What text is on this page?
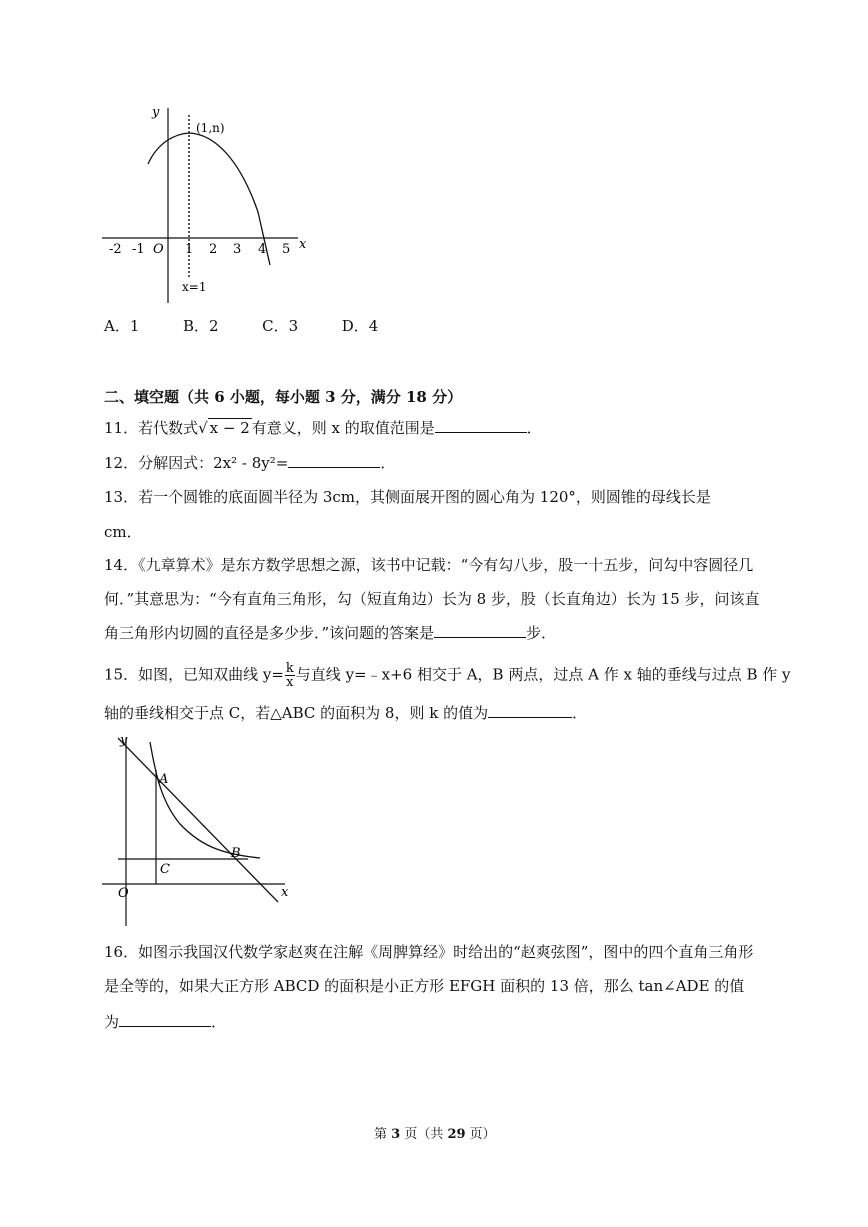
y
x
O
(1,n)
-2 -1	1 2 3 4 5
x=1
A．1	B．2	C．3	D．4
二、填空题（共 6 小题，每小题 3 分，满分 18 分）
11．若代数式√ x − 2 有意义，则 x 的取值范围是	．
12．分解因式：2x² - 8y²=	．
13．若一个圆锥的底面圆半径为 3cm，其侧面展开图的圆心角为 120°，则圆锥的母线长是
cm．
14．《九章算术》是东方数学思想之源，该书中记载：“今有勾八步，股一十五步，问勾中容圆径几
何．”其意思为：“今有直角三角形，勾（短直角边）长为 8 步，股（长直角边）长为 15 步，问该直
角三角形内切圆的直径是多少步．”该问题的答案是	步．
15．如图，已知双曲线 $y= \frac{k}{x}$ 与直线 y=﹣x+6 相交于 A，B 两点，过点 A 作 x 轴的垂线与过点 B 作 y
轴的垂线相交于点 C，若△ABC 的面积为 8，则 k 的值为	．
y
x
O
A
B
C
16．如图示我国汉代数学家赵爽在注解《周脾算经》时给出的“赵爽弦图”，图中的四个直角三角形
是全等的，如果大正方形 ABCD 的面积是小正方形 EFGH 面积的 13 倍，那么 tan∠ADE 的值
为	．
第 3 页（共 29 页）
